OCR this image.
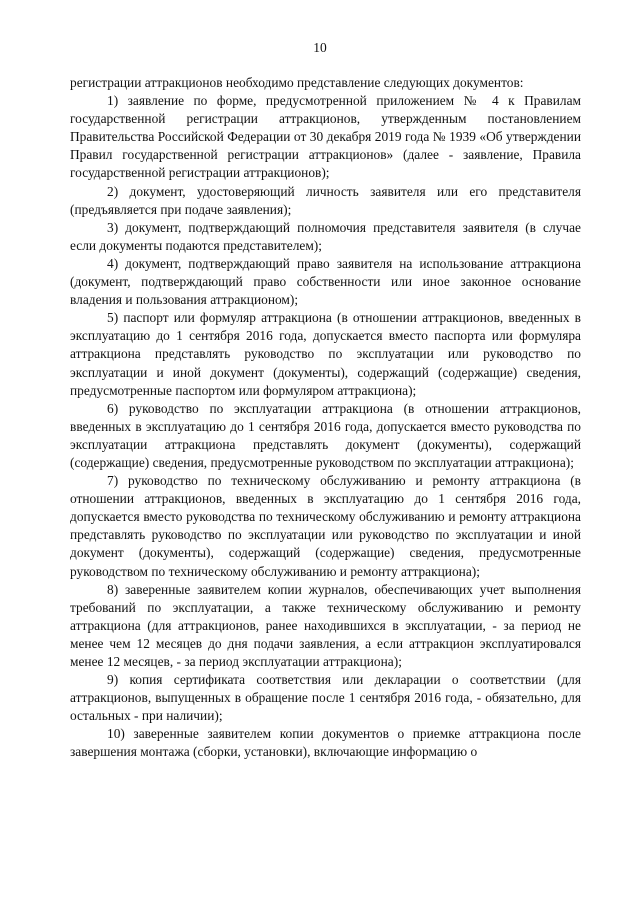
10

регистрации аттракционов необходимо представление следующих документов:

1) заявление по форме, предусмотренной приложением № 4 к Правилам государственной регистрации аттракционов, утвержденным постановлением Правительства Российской Федерации от 30 декабря 2019 года № 1939 «Об утверждении Правил государственной регистрации аттракционов» (далее - заявление, Правила государственной регистрации аттракционов);

2) документ, удостоверяющий личность заявителя или его представителя (предъявляется при подаче заявления);

3) документ, подтверждающий полномочия представителя заявителя (в случае если документы подаются представителем);

4) документ, подтверждающий право заявителя на использование аттракциона (документ, подтверждающий право собственности или иное законное основание владения и пользования аттракционом);

5) паспорт или формуляр аттракциона (в отношении аттракционов, введенных в эксплуатацию до 1 сентября 2016 года, допускается вместо паспорта или формуляра аттракциона представлять руководство по эксплуатации или руководство по эксплуатации и иной документ (документы), содержащий (содержащие) сведения, предусмотренные паспортом или формуляром аттракциона);

6) руководство по эксплуатации аттракциона (в отношении аттракционов, введенных в эксплуатацию до 1 сентября 2016 года, допускается вместо руководства по эксплуатации аттракциона представлять документ (документы), содержащий (содержащие) сведения, предусмотренные руководством по эксплуатации аттракциона);

7) руководство по техническому обслуживанию и ремонту аттракциона (в отношении аттракционов, введенных в эксплуатацию до 1 сентября 2016 года, допускается вместо руководства по техническому обслуживанию и ремонту аттракциона представлять руководство по эксплуатации или руководство по эксплуатации и иной документ (документы), содержащий (содержащие) сведения, предусмотренные руководством по техническому обслуживанию и ремонту аттракциона);

8) заверенные заявителем копии журналов, обеспечивающих учет выполнения требований по эксплуатации, а также техническому обслуживанию и ремонту аттракциона (для аттракционов, ранее находившихся в эксплуатации, - за период не менее чем 12 месяцев до дня подачи заявления, а если аттракцион эксплуатировался менее 12 месяцев, - за период эксплуатации аттракциона);

9) копия сертификата соответствия или декларации о соответствии (для аттракционов, выпущенных в обращение после 1 сентября 2016 года, - обязательно, для остальных - при наличии);

10) заверенные заявителем копии документов о приемке аттракциона после завершения монтажа (сборки, установки), включающие информацию о
